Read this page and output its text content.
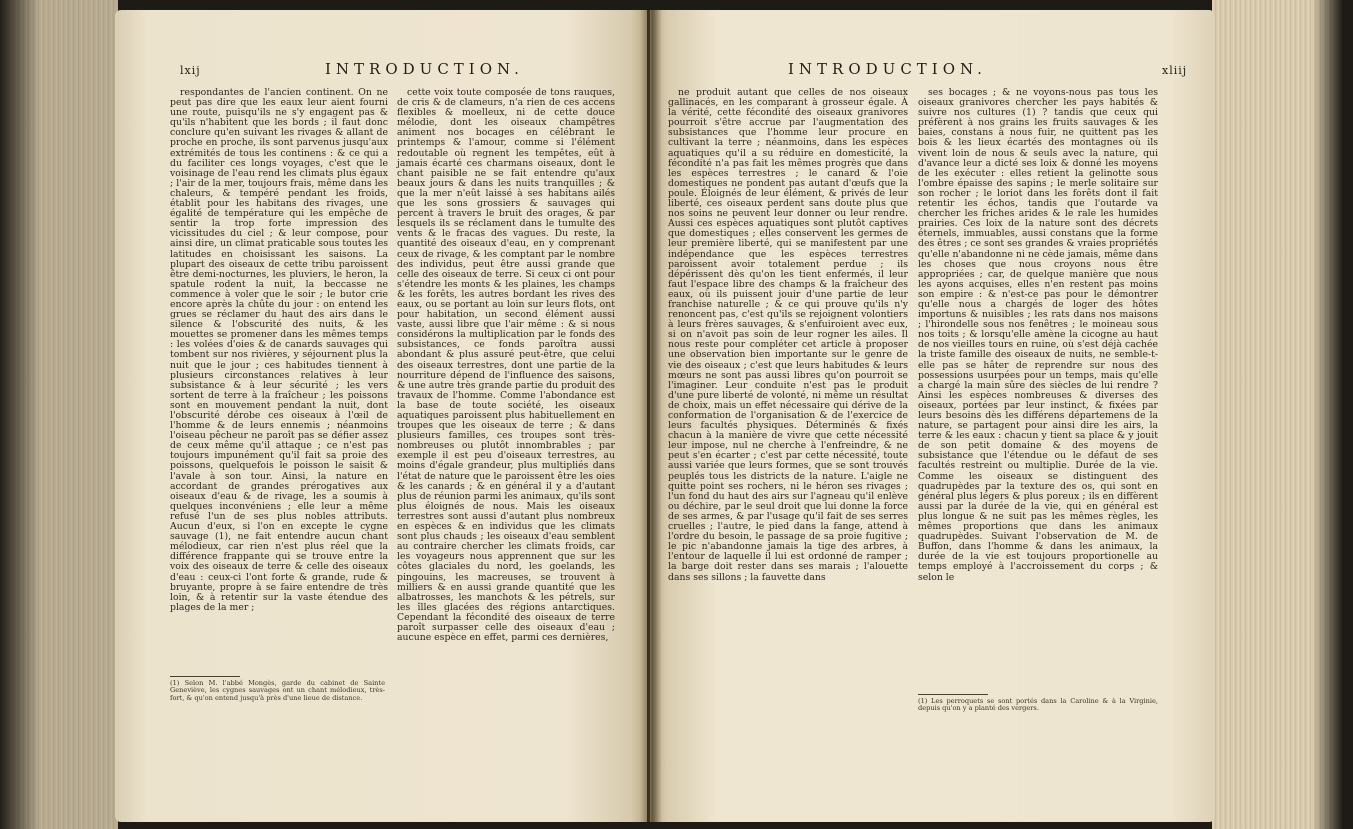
lxij	INTRODUCTION.

respondantes de l'ancien continent. On ne peut pas dire que les eaux leur aient fourni une route, puisqu'ils ne s'y engagent pas & qu'ils n'habitent que les bords ; il faut donc conclure qu'en suivant les rivages & allant de proche en proche, ils sont parvenus jusqu'aux extrémités de tous les continens : & ce qui a du faciliter ces longs voyages, c'est que le voisinage de l'eau rend les climats plus égaux ; l'air de la mer, toujours frais, même dans les chaleurs, & tempéré pendant les froids, établit pour les habitans des rivages, une égalité de température qui les empêche de sentir la trop forte impression des vicissitudes du ciel ; & leur compose, pour ainsi dire, un climat praticable sous toutes les latitudes en choisissant les saisons. La plupart des oiseaux de cette tribu paroissent être demi-nocturnes, les pluviers, le heron, la spatule rodent la nuit, la beccasse ne commence à voler que le soir ; le butor crie encore après la chûte du jour : on entend les grues se réclamer du haut des airs dans le silence & l'obscurité des nuits, & les mouettes se promener dans les mêmes temps : les volées d'oies & de canards sauvages qui tombent sur nos rivières, y séjournent plus la nuit que le jour ; ces habitudes tiennent à plusieurs circonstances relatives à leur subsistance & à leur sécurité ; les vers sortent de terre à la fraîcheur ; les poissons sont en mouvement pendant la nuit, dont l'obscurité dérobe ces oiseaux à l'œil de l'homme & de leurs ennemis ; néanmoins l'oiseau pêcheur ne paroît pas se défier assez de ceux même qu'il attaque ; ce n'est pas toujours impunément qu'il fait sa proie des poissons, quelquefois le poisson le saisit & l'avale à son tour. Ainsi, la nature en accordant de grandes prérogatives aux oiseaux d'eau & de rivage, les a soumis à quelques inconvéniens ; elle leur a même refusé l'un de ses plus nobles attributs. Aucun d'eux, si l'on en excepte le cygne sauvage (1), ne fait entendre aucun chant mélodieux, car rien n'est plus réel que la différence frappante qui se trouve entre la voix des oiseaux de terre & celle des oiseaux d'eau : ceux-ci l'ont forte & grande, rude & bruyante, propre à se faire entendre de très loin, & à retentir sur la vaste étendue des plages de la mer ;

cette voix toute composée de tons rauques, de cris & de clameurs, n'a rien de ces accens flexibles & moelleux, ni de cette douce mélodie, dont les oiseaux champêtres animent nos bocages en célébrant le printemps & l'amour, comme si l'élément redoutable où regnent les tempêtes, eût à jamais écarté ces charmans oiseaux, dont le chant paisible ne se fait entendre qu'aux beaux jours & dans les nuits tranquilles ; & que la mer n'eût laissé à ses habitans ailés que les sons grossiers & sauvages qui percent à travers le bruit des orages, & par lesquels ils se réclament dans le tumulte des vents & le fracas des vagues. Du reste, la quantité des oiseaux d'eau, en y comprenant ceux de rivage, & les comptant par le nombre des individus, peut être aussi grande que celle des oiseaux de terre. Si ceux ci ont pour s'étendre les monts & les plaines, les champs & les forêts, les autres bordant les rives des eaux, ou se portant au loin sur leurs flots, ont pour habitation, un second élément aussi vaste, aussi libre que l'air même : & si nous considérons la multiplication par le fonds des subsistances, ce fonds paroîtra aussi abondant & plus assuré peut-être, que celui des oiseaux terrestres, dont une partie de la nourriture dépend de l'influence des saisons, & une autre très grande partie du produit des travaux de l'homme. Comme l'abondance est la base de toute société, les oiseaux aquatiques paroissent plus habituellement en troupes que les oiseaux de terre ; & dans plusieurs familles, ces troupes sont très-nombreuses ou plutôt innombrables ; par exemple il est peu d'oiseaux terrestres, au moins d'égale grandeur, plus multipliés dans l'état de nature que le paroissent être les oies & les canards ; & en général il y a d'autant plus de réunion parmi les animaux, qu'ils sont plus éloignés de nous. Mais les oiseaux terrestres sont aussi d'autant plus nombreux en espèces & en individus que les climats sont plus chauds ; les oiseaux d'eau semblent au contraire chercher les climats froids, car les voyageurs nous apprennent que sur les côtes glaciales du nord, les goelands, les pingouins, les macreuses, se trouvent à milliers & en aussi grande quantité que les albatrosses, les manchots & les pétrels, sur les îlles glacées des régions antarctiques. Cependant la fécondité des oiseaux de terre paroît surpasser celle des oiseaux d'eau ; aucune espèce en effet, parmi ces dernières,

(1) Selon M. l'abbé Mongès, garde du cabinet de Sainte Geneviève, les cygnes sauvages ont un chant mélodieux, très-fort, & qu'on entend jusqu'à près d'une lieue de distance.
INTRODUCTION.	xliij

ne produit autant que celles de nos oiseaux gallinacés, en les comparant à grosseur égale. À la vérité, cette fécondité des oiseaux granivores pourroit s'être accrue par l'augmentation des subsistances que l'homme leur procure en cultivant la terre ; néanmoins, dans les espèces aquatiques qu'il a su réduire en domesticité, la fécondité n'a pas fait les mêmes progrès que dans les espèces terrestres ; le canard & l'oie domestiques ne pondent pas autant d'œufs que la poule. Éloignés de leur élément, & privés de leur liberté, ces oiseaux perdent sans doute plus que nos soins ne peuvent leur donner ou leur rendre. Aussi ces espèces aquatiques sont plutôt captives que domestiques ; elles conservent les germes de leur première liberté, qui se manifestent par une indépendance que les espèces terrestres paroissent avoir totalement perdue ; ils dépérissent dès qu'on les tient enfermés, il leur faut l'espace libre des champs & la fraîcheur des eaux, où ils puissent jouir d'une partie de leur franchise naturelle ; & ce qui prouve qu'ils n'y renoncent pas, c'est qu'ils se rejoignent volontiers à leurs frères sauvages, & s'enfuiroient avec eux, si on n'avoit pas soin de leur rogner les ailes. Il nous reste pour compléter cet article à proposer une observation bien importante sur le genre de vie des oiseaux ; c'est que leurs habitudes & leurs mœurs ne sont pas aussi libres qu'on pourroit se l'imaginer. Leur conduite n'est pas le produit d'une pure liberté de volonté, ni même un résultat de choix, mais un effet nécessaire qui dérive de la conformation de l'organisation & de l'exercice de leurs facultés physiques. Déterminés & fixés chacun à la manière de vivre que cette nécessité leur impose, nul ne cherche à l'enfreindre, & ne peut s'en écarter ; c'est par cette nécessité, toute aussi variée que leurs formes, que se sont trouvés peuplés tous les districts de la nature. L'aigle ne quitte point ses rochers, ni le héron ses rivages ; l'un fond du haut des airs sur l'agneau qu'il enlève ou déchire, par le seul droit que lui donne la force de ses armes, & par l'usage qu'il fait de ses serres cruelles ; l'autre, le pied dans la fange, attend à l'ordre du besoin, le passage de sa proie fugitive ; le pic n'abandonne jamais la tige des arbres, à l'entour de laquelle il lui est ordonné de ramper ; la barge doit rester dans ses marais ; l'alouette dans ses sillons ; la fauvette dans

ses bocages ; & ne voyons-nous pas tous les oiseaux granivores chercher les pays habités & suivre nos cultures (1) ? tandis que ceux qui préfèrent à nos grains les fruits sauvages & les baies, constans à nous fuir, ne quittent pas les bois & les lieux écartés des montagnes où ils vivent loin de nous & seuls avec la nature, qui d'avance leur a dicté ses loix & donné les moyens de les exécuter : elles retient la gelinotte sous l'ombre épaisse des sapins ; le merle solitaire sur son rocher ; le loriot dans les forêts dont il fait retentir les échos, tandis que l'outarde va chercher les friches arides & le rale les humides prairies. Ces loix de la nature sont des décrets éternels, immuables, aussi constans que la forme des êtres ; ce sont ses grandes & vraies propriétés qu'elle n'abandonne ni ne cède jamais, même dans les choses que nous croyons nous être appropriées ; car, de quelque manière que nous les ayons acquises, elles n'en restent pas moins son empire : & n'est-ce pas pour le démontrer qu'elle nous a chargés de loger des hôtes importuns & nuisibles ; les rats dans nos maisons ; l'hirondelle sous nos fenêtres ; le moineau sous nos toits ; & lorsqu'elle amène la cicogne au haut de nos vieilles tours en ruine, où s'est déjà cachée la triste famille des oiseaux de nuits, ne semble-t-elle pas se hâter de reprendre sur nous des possessions usurpées pour un temps, mais qu'elle a chargé la main sûre des siècles de lui rendre ? Ainsi les espèces nombreuses & diverses des oiseaux, portées par leur instinct, & fixées par leurs besoins dès les différens départemens de la nature, se partagent pour ainsi dire les airs, la terre & les eaux : chacun y tient sa place & y jouit de son petit domaine & des moyens de subsistance que l'étendue ou le défaut de ses facultés restreint ou multiplie. Durée de la vie. Comme les oiseaux se distinguent des quadrupèdes par la texture des os, qui sont en général plus légers & plus poreux ; ils en diffèrent aussi par la durée de la vie, qui en général est plus longue & ne suit pas les mêmes règles, les mêmes proportions que dans les animaux quadrupèdes. Suivant l'observation de M. de Buffon, dans l'homme & dans les animaux, la durée de la vie est toujours proportionelle au temps employé à l'accroissement du corps ; & selon le

(1) Les perroquets se sont portés dans la Caroline & à la Virginie, depuis qu'on y a planté des vergers.
